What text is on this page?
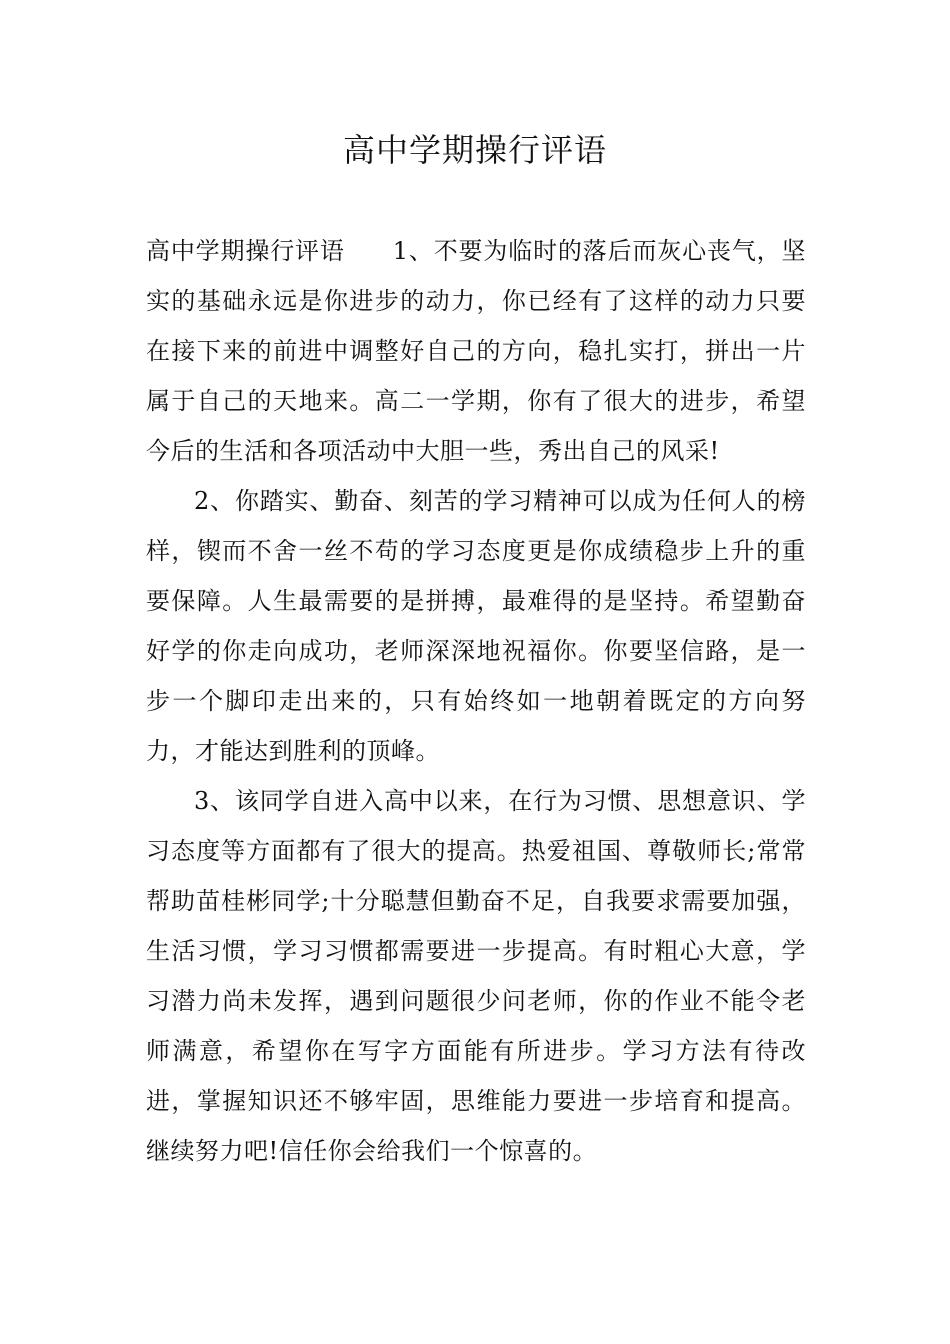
高中学期操行评语

高中学期操行评语 1、不要为临时的落后而灰心丧气，坚实的基础永远是你进步的动力，你已经有了这样的动力只要在接下来的前进中调整好自己的方向，稳扎实打，拼出一片属于自己的天地来。高二一学期，你有了很大的进步，希望今后的生活和各项活动中大胆一些，秀出自己的风采!

2、你踏实、勤奋、刻苦的学习精神可以成为任何人的榜样，锲而不舍一丝不苟的学习态度更是你成绩稳步上升的重要保障。人生最需要的是拼搏，最难得的是坚持。希望勤奋好学的你走向成功，老师深深地祝福你。你要坚信路，是一步一个脚印走出来的，只有始终如一地朝着既定的方向努力，才能达到胜利的顶峰。

3、该同学自进入高中以来，在行为习惯、思想意识、学习态度等方面都有了很大的提高。热爱祖国、尊敬师长;常常帮助苗桂彬同学;十分聪慧但勤奋不足，自我要求需要加强，生活习惯，学习习惯都需要进一步提高。有时粗心大意，学习潜力尚未发挥，遇到问题很少问老师，你的作业不能令老师满意，希望你在写字方面能有所进步。学习方法有待改进，掌握知识还不够牢固，思维能力要进一步培育和提高。继续努力吧!信任你会给我们一个惊喜的。
